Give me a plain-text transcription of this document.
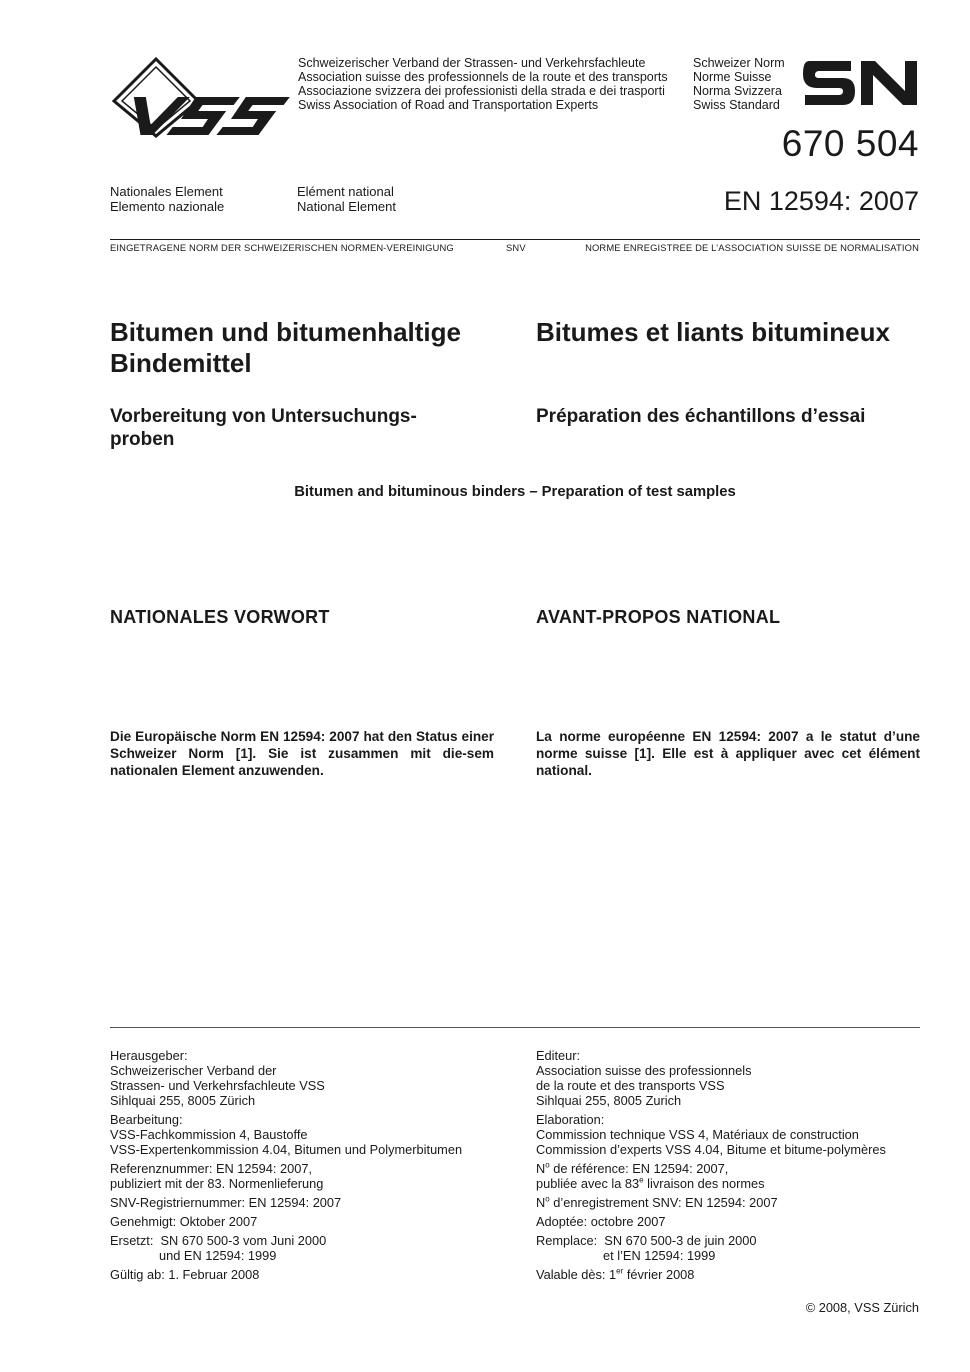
Schweizerischer Verband der Strassen- und Verkehrsfachleute
Association suisse des professionnels de la route et des transports
Associazione svizzera dei professionisti della strada e dei trasporti
Swiss Association of Road and Transportation Experts
Schweizer Norm
Norme Suisse
Norma Svizzera
Swiss Standard
670 504
Nationales Element
Elemento nazionale
Elément national
National Element	EN 12594: 2007
EINGETRAGENE NORM DER SCHWEIZERISCHEN NORMEN-VEREINIGUNG	SNV	NORME ENREGISTREE DE L’ASSOCIATION SUISSE DE NORMALISATION
Bitumen und bitumenhaltige
Bindemittel
Bitumes et liants bitumineux
Vorbereitung von Untersuchungs-
proben
Préparation des échantillons d’essai
Bitumen and bituminous binders – Preparation of test samples
NATIONALES VORWORT	AVANT-PROPOS NATIONAL
Die Europäische Norm EN 12594: 2007 hat den Status einer Schweizer Norm [1]. Sie ist zusammen mit die-sem nationalen Element anzuwenden.
La norme européenne EN 12594: 2007 a le statut d’une norme suisse [1]. Elle est à appliquer avec cet élément national.
Herausgeber:
Schweizerischer Verband der
Strassen- und Verkehrsfachleute VSS
Sihlquai 255, 8005 Zürich
Bearbeitung:
VSS-Fachkommission 4, Baustoffe
VSS-Expertenkommission 4.04, Bitumen und Polymerbitumen
Referenznummer: EN 12594: 2007,
publiziert mit der 83. Normenlieferung
SNV-Registriernummer: EN 12594: 2007
Genehmigt: Oktober 2007
Ersetzt:  SN 670 500-3 vom Juni 2000
und EN 12594: 1999
Gültig ab: 1. Februar 2008
Editeur:
Association suisse des professionnels
de la route et des transports VSS
Sihlquai 255, 8005 Zurich
Elaboration:
Commission technique VSS 4, Matériaux de construction
Commission d’experts VSS 4.04, Bitume et bitume-polymères
$N^o$ de référence: EN 12594: 2007,
publiée avec la 83e livraison des normes
$N^o$ d’enregistrement SNV: EN 12594: 2007
Adoptée: octobre 2007
Remplace:  SN 670 500-3 de juin 2000
et l’EN 12594: 1999
Valable dès: 1er février 2008
© 2008, VSS Zürich
